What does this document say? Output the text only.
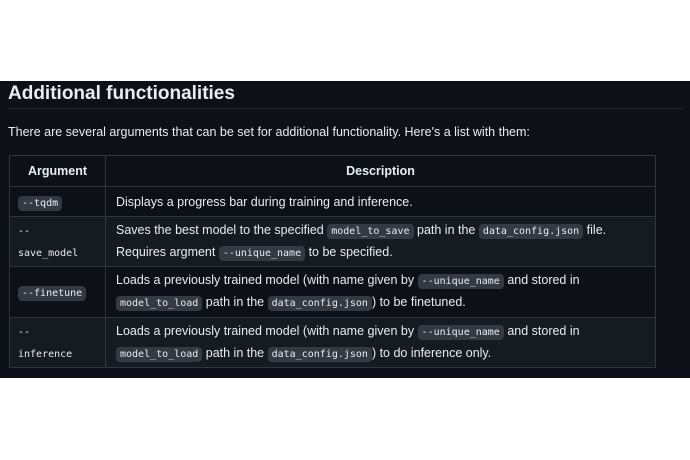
Additional functionalities

There are several arguments that can be set for additional functionality. Here's a list with them:

Argument	Description
--tqdm	Displays a progress bar during training and inference.

--
save_model	Saves the best model to the specified model_to_save path in the data_config.json file.
Requires argment --unique_name to be specified.
--finetune	Loads a previously trained model (with name given by --unique_name and stored in
model_to_load path in the data_config.json ) to be finetuned.

--
inference	Loads a previously trained model (with name given by --unique_name and stored in
model_to_load path in the data_config.json ) to do inference only.
